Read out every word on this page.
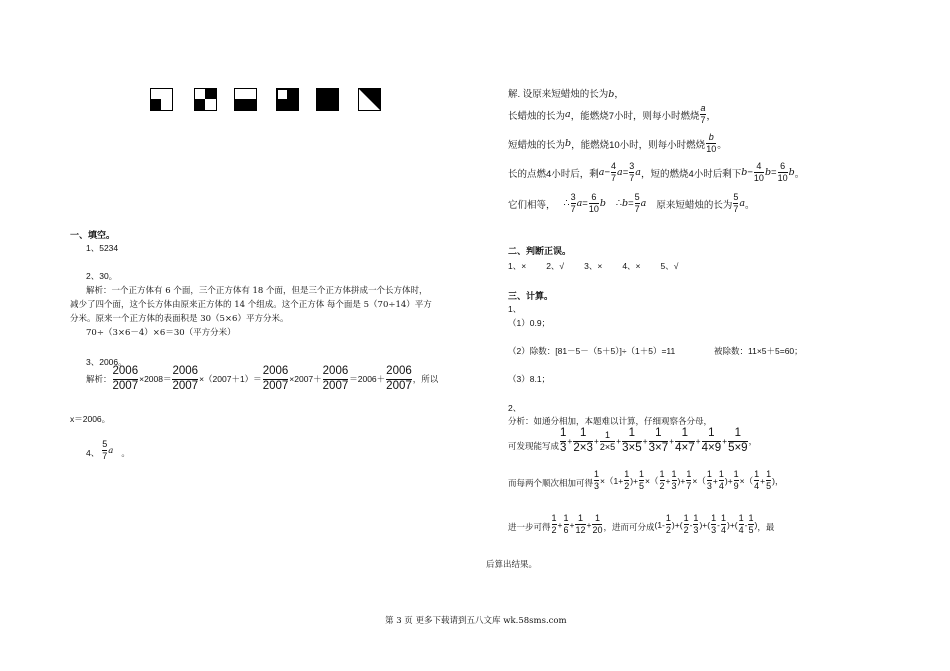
一、填空。
1、5234
2、30。
解析：一个正方体有 6 个面，三个正方体有 18 个面，但是三个正方体拼成一个长方体时，
减少了四个面，这个长方体由原来正方体的 14 个组成。这个正方体 每个面是 5（70÷14）平方
分米。原来一个正方体的表面积是 30（5×6）平方分米。
70÷（3×6－4）×6＝30（平方分米）
3、2006。
解析： $\frac{2006}{2007} \times 2008= \frac{2006}{2007} \times(2007+1)= \frac{2006}{2007} \times 2007+ \frac{2006}{2007} =2006+ \frac{2006}{2007}$ ，所以
x＝2006。
4、 $\frac{5}{7}$ a 。
解. 设原来短蜡烛的长为b，
长蜡烛的长为 a ，能燃烧7小时，则每小时燃烧 $\frac{a}{7}$ ，
短蜡烛的长为 b ，能燃烧10小时，则每小时燃烧 $\frac{b}{10}$ 。
长的点燃4小时后，剩 $a - \frac{4}{7}$ $a = \frac{3}{7}$ a ，短的燃烧4小时后剩下 $b - \frac{4}{10}$ $b = \frac{6}{10}$ b 。
它们相等， ∴ $\frac{3}{7}$ $a = \frac{6}{10}$ b ∴ $b = \frac{5}{7}$ a 原来短蜡烛的长为 $\frac{5}{7}$ a 。
二、判断正误。
1、× 2、√ 3、× 4、× 5、√
三、计算。
1、
（1）0.9；
（2）除数：[81－5－（5＋5）]÷（1＋5）=11	被除数：11×5＋5=60；
（3）8.1；
2、
分析：如通分相加，本题难以计算，仔细观察各分母，
可发现能写成 $\frac{1}{3} + \frac{1}{2\times 3} + \frac{1}{2\times 5} + \frac{1}{3\times 5} + \frac{1}{3\times 7} + \frac{1}{4\times 7} + \frac{1}{4\times 9} + \frac{1}{5\times 9}$ ，
而每两个顺次相加可得 $\frac{1}{3} \times (1+ \frac{1}{2}$ ) + $\frac{1}{5}$ × （ $\frac{1}{2} + \frac{1}{3}$ ) + $\frac{1}{7}$ × （ $\frac{1}{3} + \frac{1}{4}$ ) + $\frac{1}{9}$ × （ $\frac{1}{4} + \frac{1}{5}$ ) ，
进一步可得 $\frac{1}{2} + \frac{1}{6} + \frac{1}{12} + \frac{1}{20}$ ，进而可分成 ($1- \frac{1}{2}$ ) + ( $\frac{1}{2} - \frac{1}{3}$ ) + ( $\frac{1}{3} - \frac{1}{4}$ ) + ( $\frac{1}{4} - \frac{1}{5}$ ) ，最
后算出结果。
第 3 页 更多下载请到五八文库 wk.58sms.com
